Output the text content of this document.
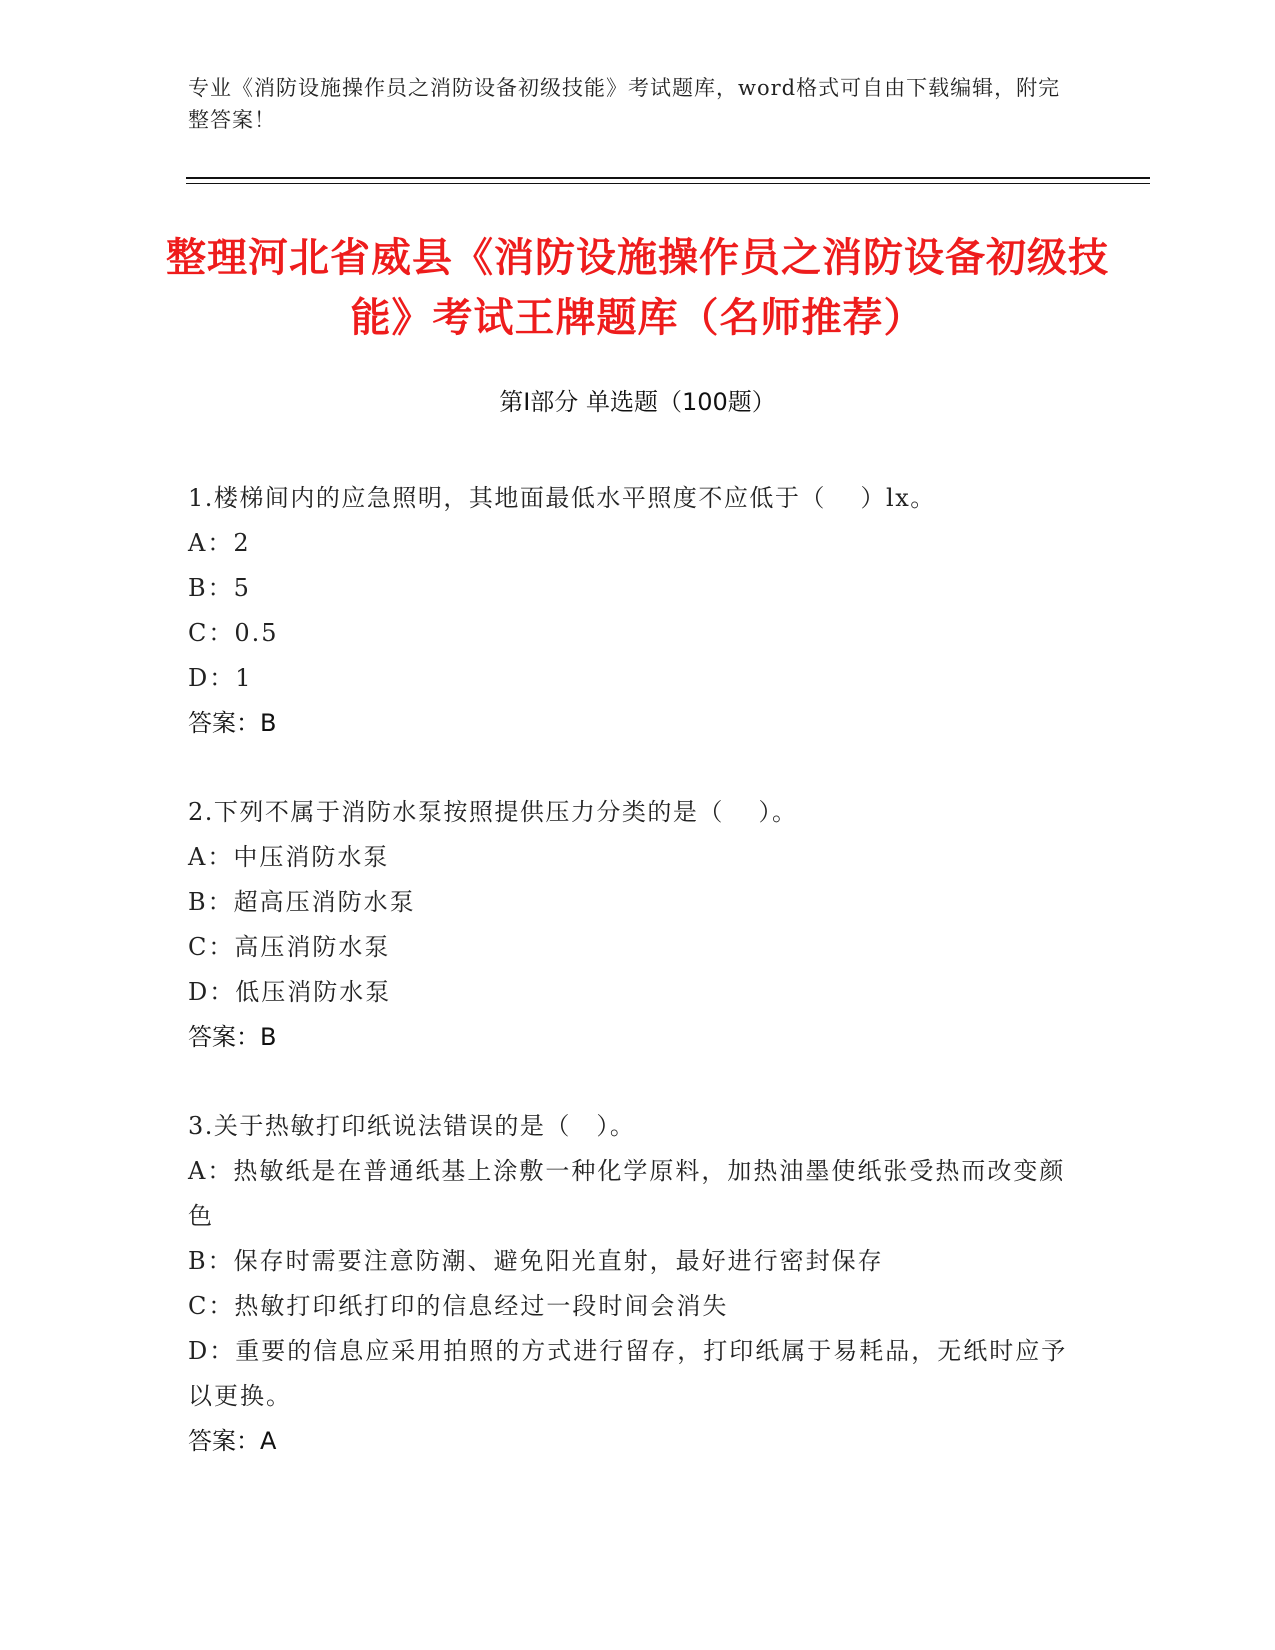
专业《消防设施操作员之消防设备初级技能》考试题库，word格式可自由下载编辑，附完整答案！
整理河北省威县《消防设施操作员之消防设备初级技能》考试王牌题库（名师推荐）
第Ⅰ部分 单选题（100题）

1.楼梯间内的应急照明，其地面最低水平照度不应低于（　 ）lx。

A：2

B：5

C：0.5

D：1

答案：B

2.下列不属于消防水泵按照提供压力分类的是（　 ）。

A：中压消防水泵

B：超高压消防水泵

C：高压消防水泵

D：低压消防水泵

答案：B

3.关于热敏打印纸说法错误的是（　）。

A：热敏纸是在普通纸基上涂敷一种化学原料，加热油墨使纸张受热而改变颜色

B：保存时需要注意防潮、避免阳光直射，最好进行密封保存

C：热敏打印纸打印的信息经过一段时间会消失

D：重要的信息应采用拍照的方式进行留存，打印纸属于易耗品，无纸时应予以更换。

答案：A
